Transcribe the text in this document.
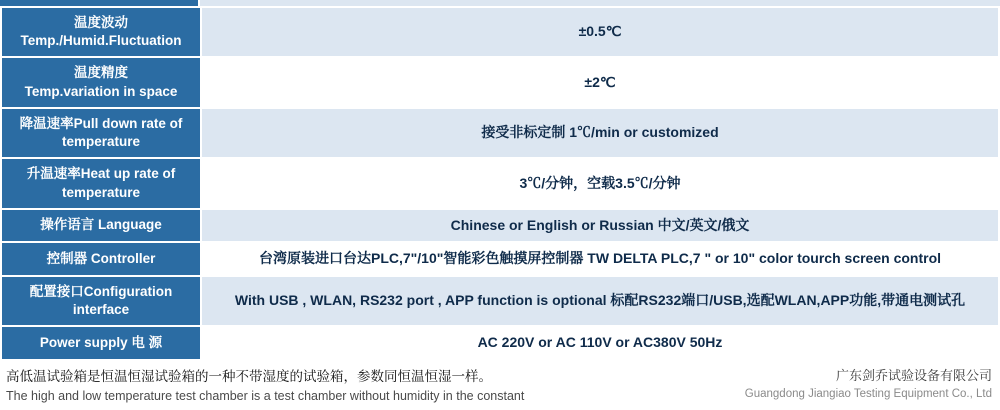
温度波动
Temp./Humid.Fluctuation	±0.5℃

温度精度
Temp.variation in space	±2℃

降温速率Pull down rate of
temperature	接受非标定制 1℃/min or customized

升温速率Heat up rate of
temperature	3℃/分钟，空载3.5℃/分钟

操作语言 Language	Chinese or English or Russian 中文/英文/俄文

控制器 Controller	台湾原装进口台达PLC,7"/10"智能彩色触摸屏控制器 TW DELTA PLC,7 " or 10" color tourch screen control

配置接口Configuration
interface	With USB , WLAN, RS232 port , APP function is optional 标配RS232端口/USB,选配WLAN,APP功能,带通电测试孔

Power supply 电 源	AC 220V or AC 110V or AC380V 50Hz
高低温试验箱是恒温恒湿试验箱的一种不带湿度的试验箱，参数同恒温恒湿一样。
The high and low temperature test chamber is a test chamber without humidity in the constant
广东剑乔试验设备有限公司
Guangdong Jiangiao Testing Equipment Co., Ltd
